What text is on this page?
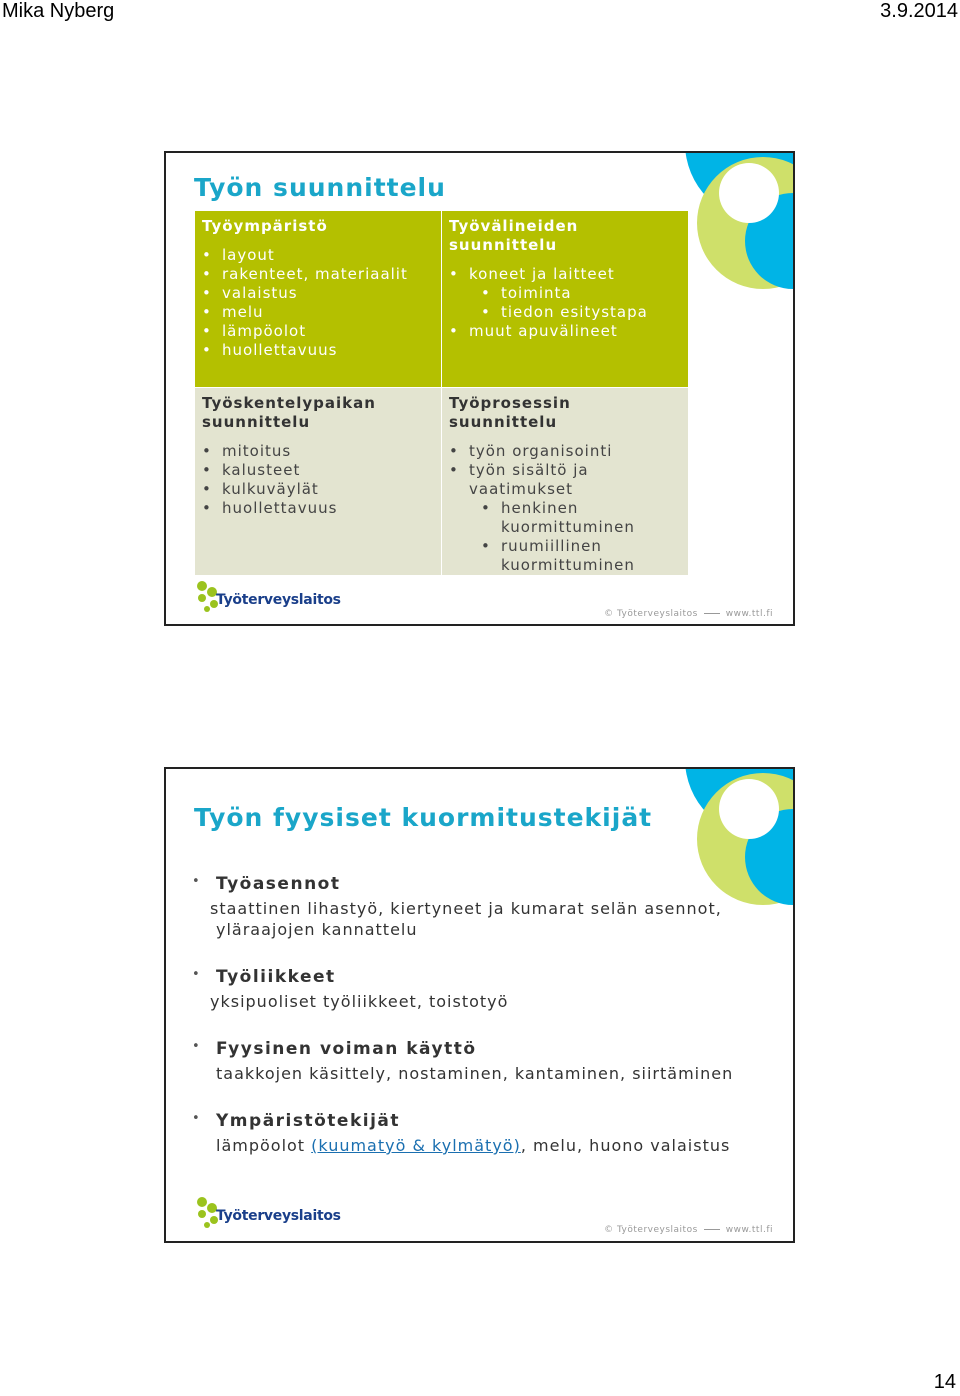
Mika Nyberg	3.9.2014
Työn suunnittelu
Työympäristö
• layout
• rakenteet, materiaalit
• valaistus
• melu
• lämpöolot
• huollettavuus
Työvälineiden suunnittelu
• koneet ja laitteet
• toiminta
• tiedon esitystapa
• muut apuvälineet
Työskentelypaikan
suunnittelu
• mitoitus
• kalusteet
• kulkuväylät
• huollettavuus
Työprosessin suunnittelu
• työn organisointi
• työn sisältö ja
vaatimukset
• henkinen
kuormittuminen
• ruumiillinen
kuormittuminen
Työterveyslaitos
© Työterveyslaitos	www.ttl.fi
Työn fyysiset kuormitustekijät
• Työasennot
staattinen lihastyö, kiertyneet ja kumarat selän asennot,
yläraajojen kannattelu
• Työliikkeet
yksipuoliset työliikkeet, toistotyö
• Fyysinen voiman käyttö
taakkojen käsittely, nostaminen, kantaminen, siirtäminen
• Ympäristötekijät
lämpöolot (kuumatyö & kylmätyö), melu, huono valaistus
Työterveyslaitos
© Työterveyslaitos	www.ttl.fi
14
